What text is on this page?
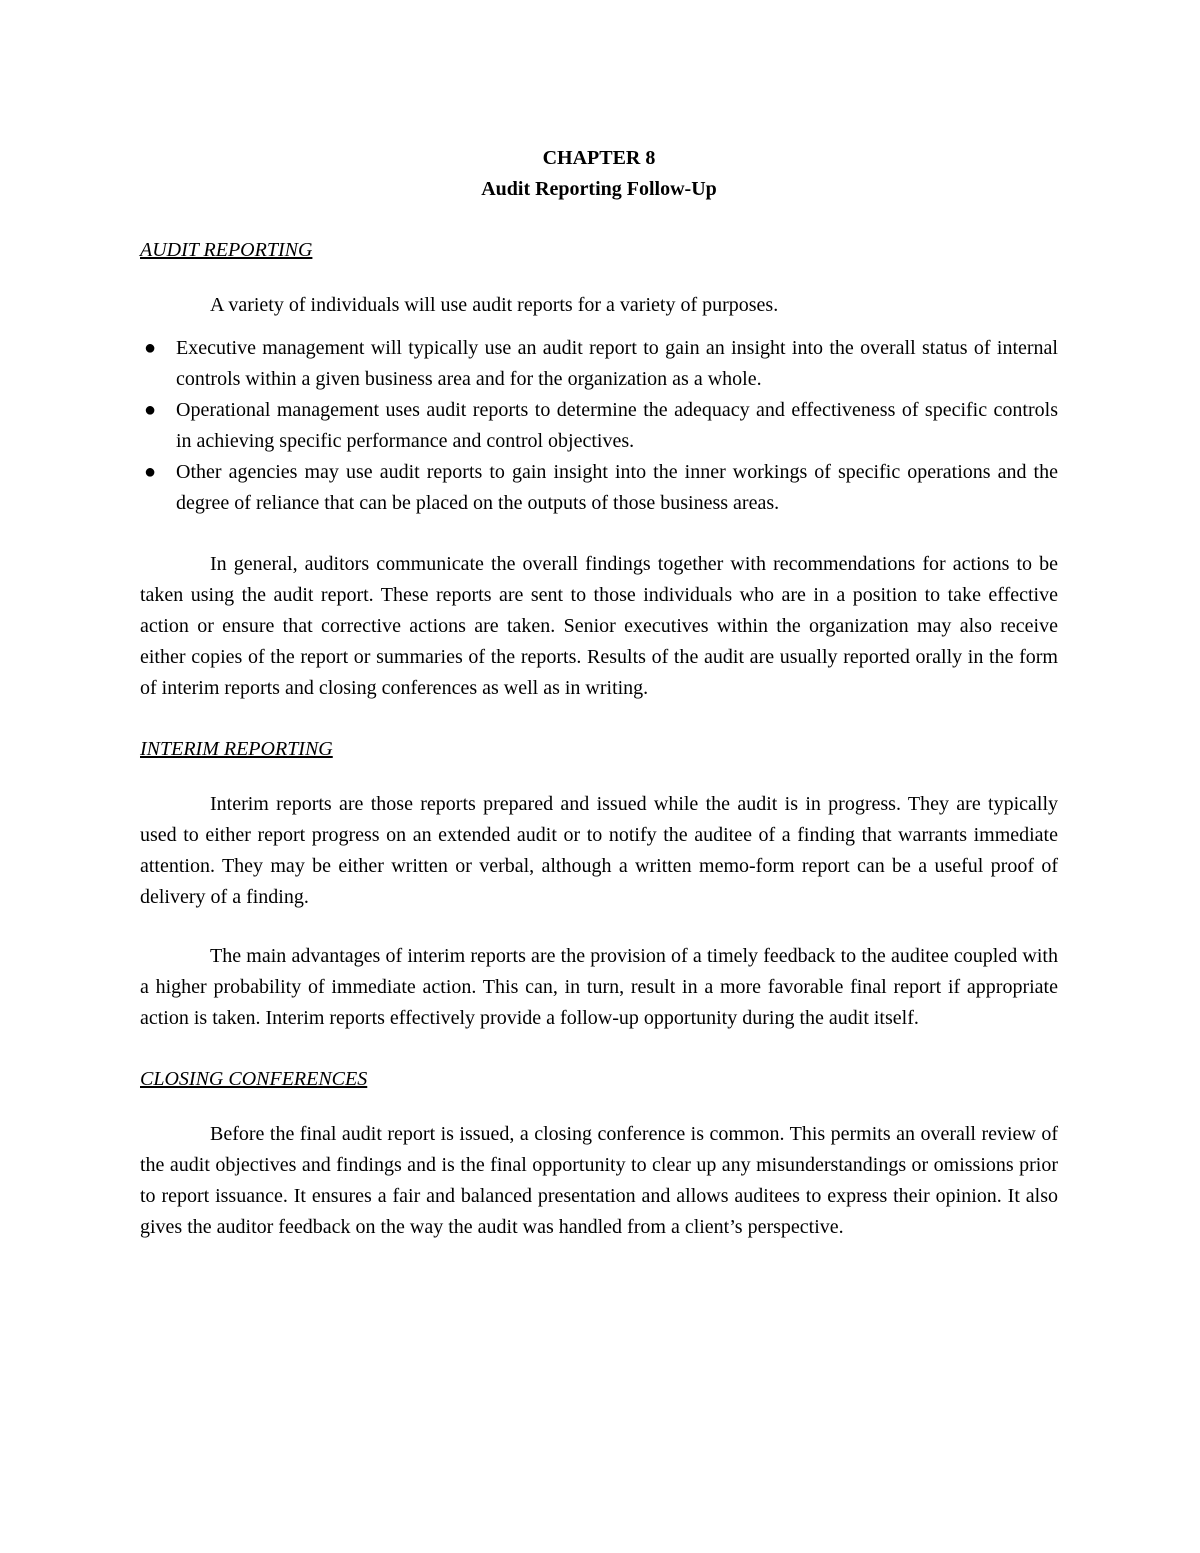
CHAPTER 8

Audit Reporting Follow-Up

AUDIT REPORTING

A variety of individuals will use audit reports for a variety of purposes.

● Executive management will typically use an audit report to gain an insight into the overall status of internal controls within a given business area and for the organization as a whole.
● Operational management uses audit reports to determine the adequacy and effectiveness of specific controls in achieving specific performance and control objectives.
● Other agencies may use audit reports to gain insight into the inner workings of specific operations and the degree of reliance that can be placed on the outputs of those business areas.

In general, auditors communicate the overall findings together with recommendations for actions to be taken using the audit report. These reports are sent to those individuals who are in a position to take effective action or ensure that corrective actions are taken. Senior executives within the organization may also receive either copies of the report or summaries of the reports. Results of the audit are usually reported orally in the form of interim reports and closing conferences as well as in writing.

INTERIM REPORTING

Interim reports are those reports prepared and issued while the audit is in progress. They are typically used to either report progress on an extended audit or to notify the auditee of a finding that warrants immediate attention. They may be either written or verbal, although a written memo-form report can be a useful proof of delivery of a finding.

The main advantages of interim reports are the provision of a timely feedback to the auditee coupled with a higher probability of immediate action. This can, in turn, result in a more favorable final report if appropriate action is taken. Interim reports effectively provide a follow-up opportunity during the audit itself.

CLOSING CONFERENCES

Before the final audit report is issued, a closing conference is common. This permits an overall review of the audit objectives and findings and is the final opportunity to clear up any misunderstandings or omissions prior to report issuance. It ensures a fair and balanced presentation and allows auditees to express their opinion. It also gives the auditor feedback on the way the audit was handled from a client’s perspective.
